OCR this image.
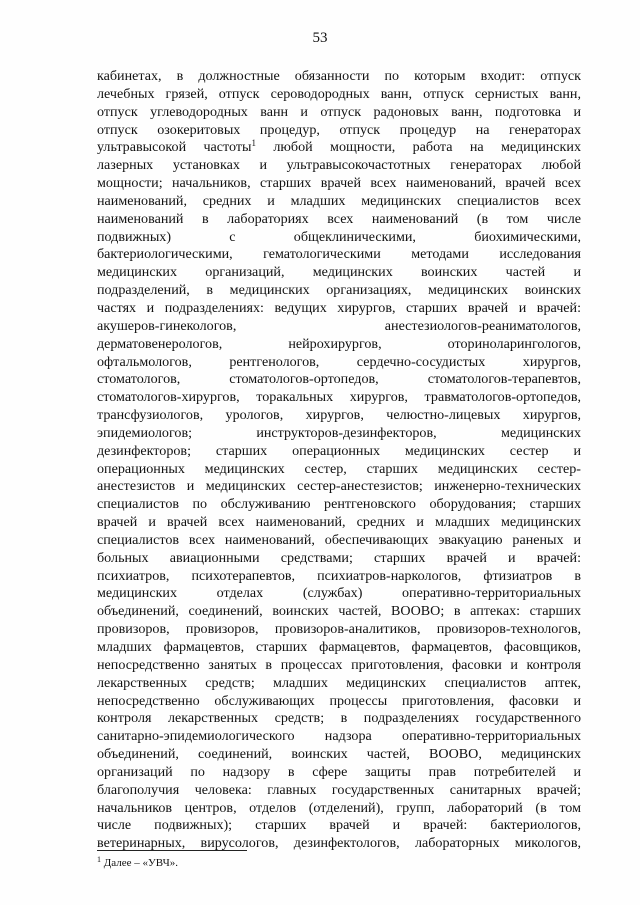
53
кабинетах, в должностные обязанности по которым входит: отпуск
лечебных грязей, отпуск сероводородных ванн, отпуск сернистых ванн,
отпуск углеводородных ванн и отпуск радоновых ванн, подготовка и
отпуск озокеритовых процедур, отпуск процедур на генераторах
ультравысокой частоты$^1$ любой мощности, работа на медицинских
лазерных установках и ультравысокочастотных генераторах любой
мощности; начальников, старших врачей всех наименований, врачей всех
наименований, средних и младших медицинских специалистов всех
наименований в лабораториях всех наименований (в том числе
подвижных) с общеклиническими, биохимическими,
бактериологическими, гематологическими методами исследования
медицинских организаций, медицинских воинских частей и
подразделений, в медицинских организациях, медицинских воинских
частях и подразделениях: ведущих хирургов, старших врачей и врачей:
акушеров-гинекологов, анестезиологов-реаниматологов,
дерматовенерологов, нейрохирургов, оториноларингологов,
офтальмологов, рентгенологов, сердечно-сосудистых хирургов,
стоматологов, стоматологов-ортопедов, стоматологов-терапевтов,
стоматологов-хирургов, торакальных хирургов, травматологов-ортопедов,
трансфузиологов, урологов, хирургов, челюстно-лицевых хирургов,
эпидемиологов; инструкторов-дезинфекторов, медицинских
дезинфекторов; старших операционных медицинских сестер и
операционных медицинских сестер, старших медицинских сестер-
анестезистов и медицинских сестер-анестезистов; инженерно-технических
специалистов по обслуживанию рентгеновского оборудования; старших
врачей и врачей всех наименований, средних и младших медицинских
специалистов всех наименований, обеспечивающих эвакуацию раненых и
больных авиационными средствами; старших врачей и врачей:
психиатров, психотерапевтов, психиатров-наркологов, фтизиатров в
медицинских отделах (службах) оперативно-территориальных
объединений, соединений, воинских частей, ВООВО; в аптеках: старших
провизоров, провизоров, провизоров-аналитиков, провизоров-технологов,
младших фармацевтов, старших фармацевтов, фармацевтов, фасовщиков,
непосредственно занятых в процессах приготовления, фасовки и контроля
лекарственных средств; младших медицинских специалистов аптек,
непосредственно обслуживающих процессы приготовления, фасовки и
контроля лекарственных средств; в подразделениях государственного
санитарно-эпидемиологического надзора оперативно-территориальных
объединений, соединений, воинских частей, ВООВО, медицинских
организаций по надзору в сфере защиты прав потребителей и
благополучия человека: главных государственных санитарных врачей;
начальников центров, отделов (отделений), групп, лабораторий (в том
числе подвижных); старших врачей и врачей: бактериологов,
ветеринарных, вирусологов, дезинфектологов, лабораторных микологов,
$^1$ Далее – «УВЧ».
